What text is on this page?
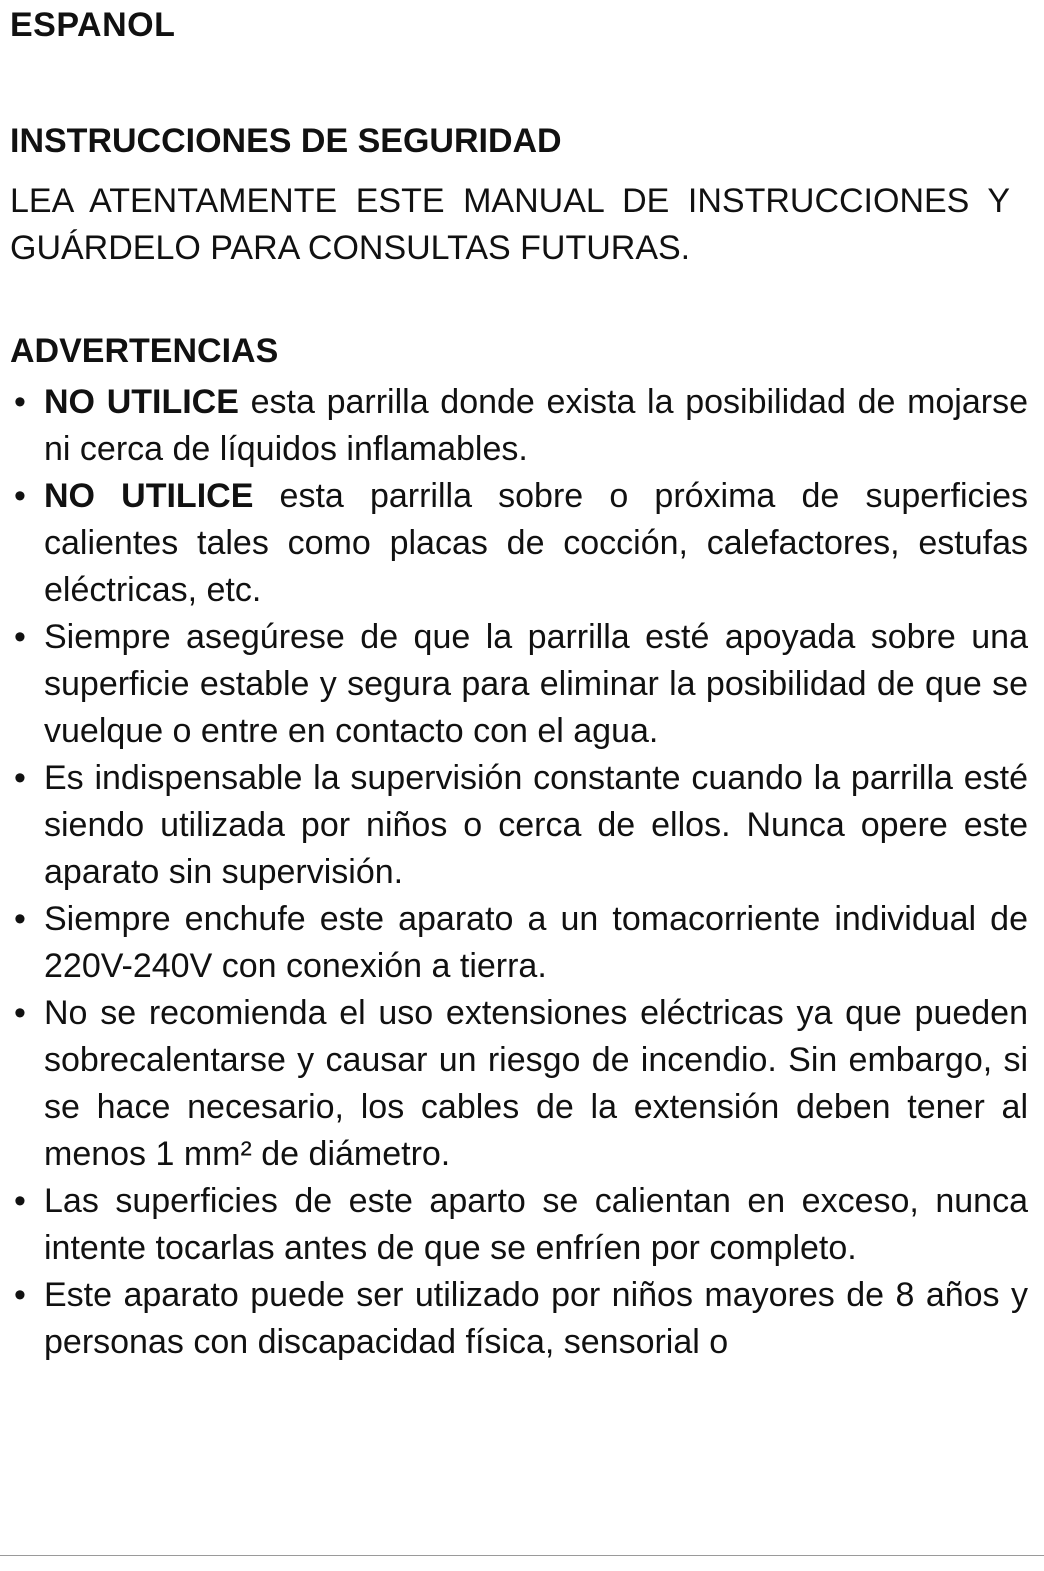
ESPANOL
INSTRUCCIONES DE SEGURIDAD

LEA ATENTAMENTE ESTE MANUAL DE INSTRUCCIONES Y GUÁRDELO PARA CONSULTAS FUTURAS.

ADVERTENCIAS
• NO UTILICE esta parrilla donde exista la posibilidad de mojarse ni cerca de líquidos inflamables.
• NO UTILICE esta parrilla sobre o próxima de superficies calientes tales como placas de cocción, calefactores, estufas eléctricas, etc.
• Siempre asegúrese de que la parrilla esté apoyada sobre una superficie estable y segura para eliminar la posibilidad de que se vuelque o entre en contacto con el agua.
• Es indispensable la supervisión constante cuando la parrilla esté siendo utilizada por niños o cerca de ellos. Nunca opere este aparato sin supervisión.
• Siempre enchufe este aparato a un tomacorriente individual de 220V-240V con conexión a tierra.
• No se recomienda el uso extensiones eléctricas ya que pueden sobrecalentarse y causar un riesgo de incendio. Sin embargo, si se hace necesario, los cables de la extensión deben tener al menos 1 mm² de diámetro.
• Las superficies de este aparto se calientan en exceso, nunca intente tocarlas antes de que se enfríen por completo.
• Este aparato puede ser utilizado por niños mayores de 8 años y personas con discapacidad física, sensorial o
